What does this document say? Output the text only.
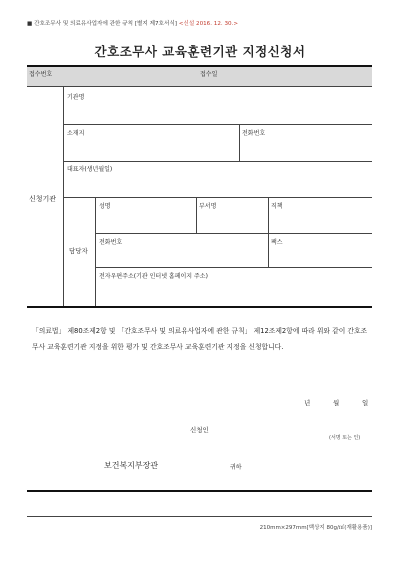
■ 간호조무사 및 의료유사업자에 관한 규칙 [별지 제7호서식] <신설 2016. 12. 30.>
간호조무사 교육훈련기관 지정신청서
접수번호	접수일
신청기관
기관명
소재지	전화번호
대표자(생년월일)
담당자
성명	부서명	직책
전화번호	팩스
전자우편주소(기관 인터넷 홈페이지 주소)
「의료법」 제80조제2항 및 「간호조무사 및 의료유사업자에 관한 규칙」 제12조제2항에 따라 위와 같이 간호조무사 교육훈련기관 지정을 위한 평가 및 간호조무사 교육훈련기관 지정을 신청합니다.
년	월	일
신청인
(서명 또는 인)
보건복지부장관	귀하
210mm×297mm[백상지 80g/㎡(재활용품)]
